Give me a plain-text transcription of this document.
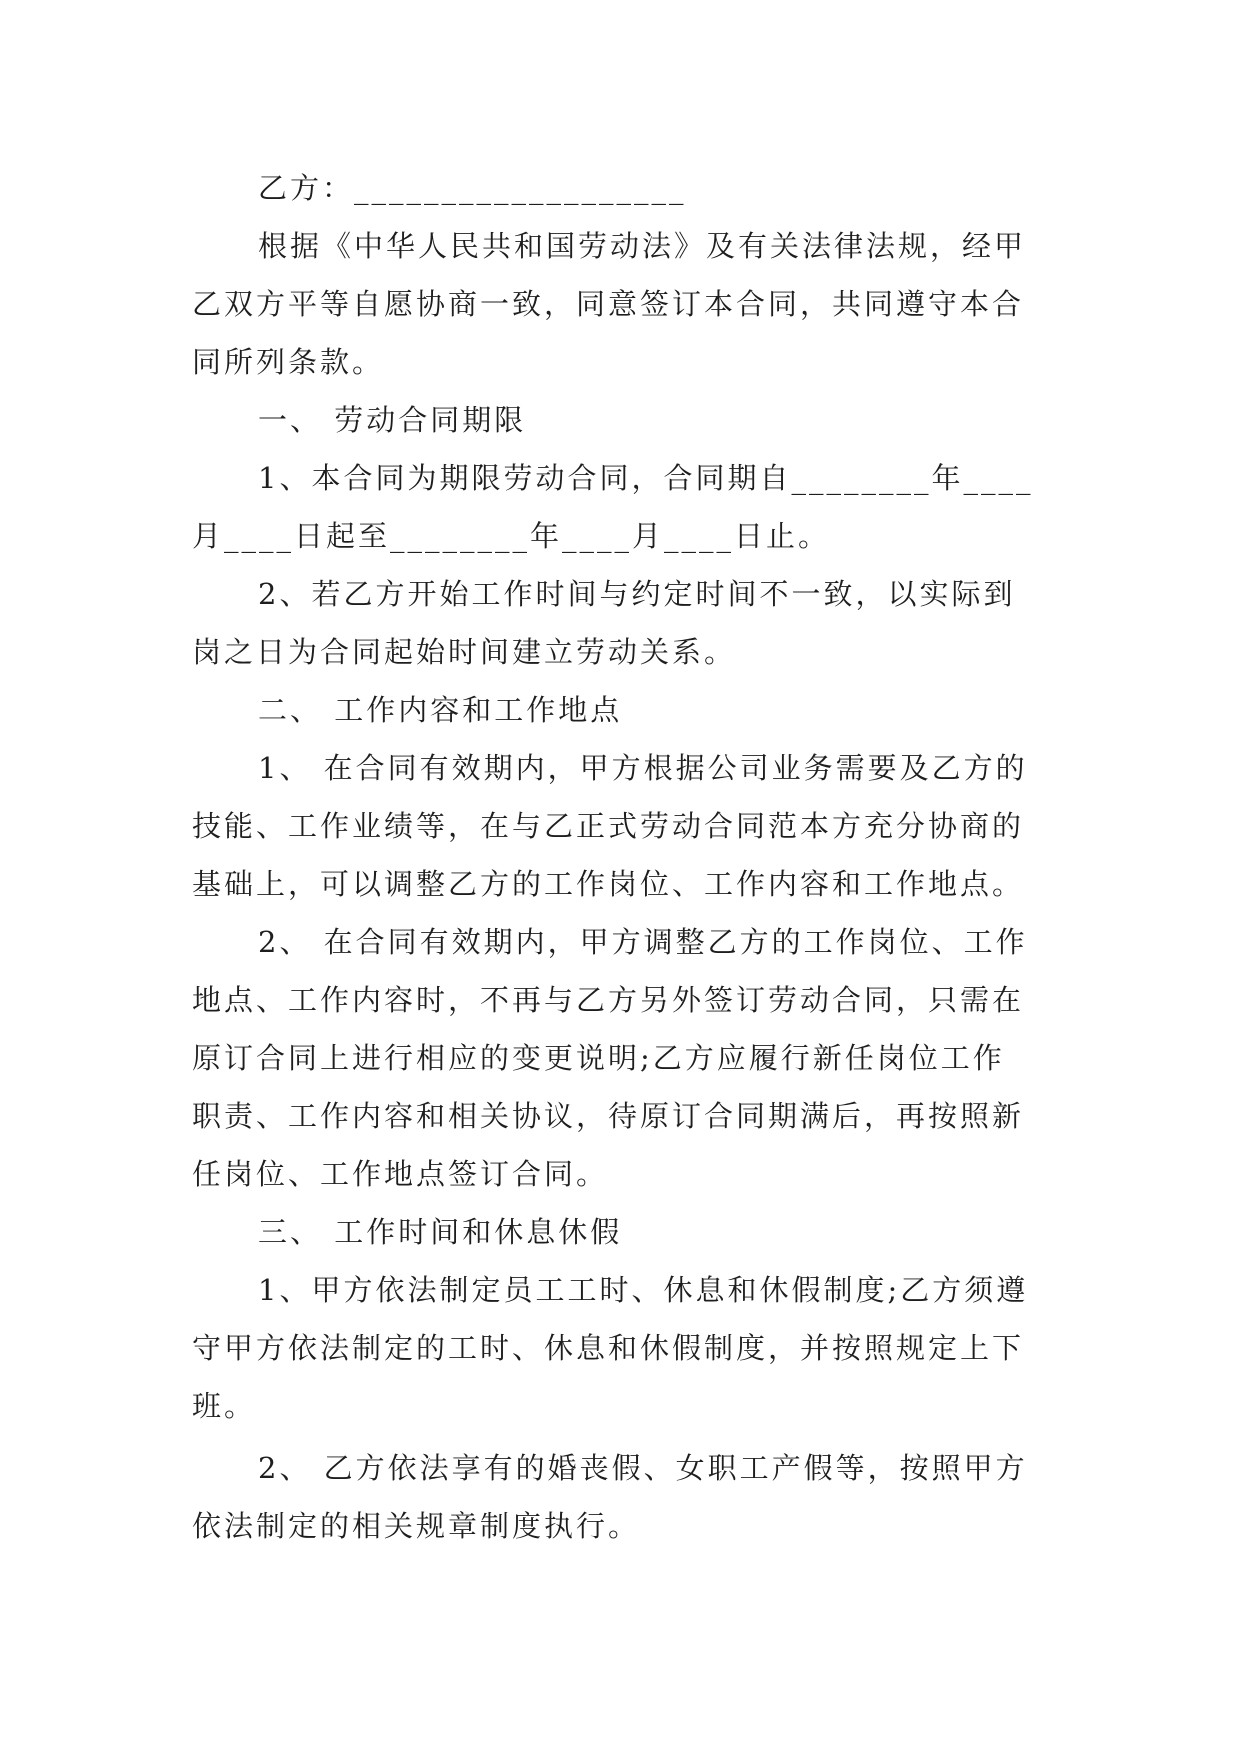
乙方：___________________
根据《中华人民共和国劳动法》及有关法律法规，经甲
乙双方平等自愿协商一致，同意签订本合同，共同遵守本合
同所列条款。
一、 劳动合同期限
1、本合同为期限劳动合同，合同期自________年____
月____日起至________年____月____日止。
2、若乙方开始工作时间与约定时间不一致，以实际到
岗之日为合同起始时间建立劳动关系。
二、 工作内容和工作地点
1、 在合同有效期内，甲方根据公司业务需要及乙方的
技能、工作业绩等，在与乙正式劳动合同范本方充分协商的
基础上，可以调整乙方的工作岗位、工作内容和工作地点。
2、 在合同有效期内，甲方调整乙方的工作岗位、工作
地点、工作内容时，不再与乙方另外签订劳动合同，只需在
原订合同上进行相应的变更说明;乙方应履行新任岗位工作
职责、工作内容和相关协议，待原订合同期满后，再按照新
任岗位、工作地点签订合同。
三、 工作时间和休息休假
1、甲方依法制定员工工时、休息和休假制度;乙方须遵
守甲方依法制定的工时、休息和休假制度，并按照规定上下
班。
2、 乙方依法享有的婚丧假、女职工产假等，按照甲方
依法制定的相关规章制度执行。
